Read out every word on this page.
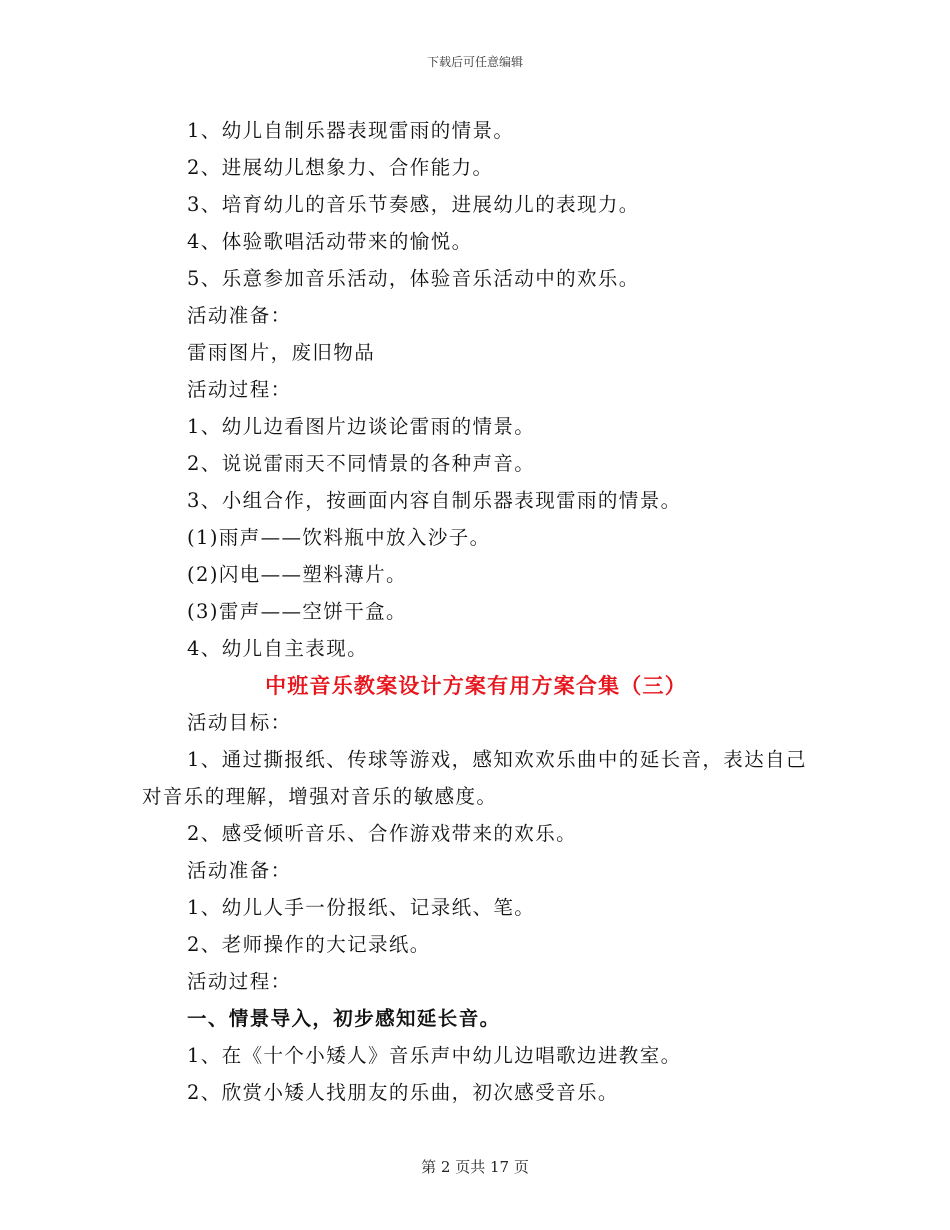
下载后可任意编辑
1、幼儿自制乐器表现雷雨的情景。
2、进展幼儿想象力、合作能力。
3、培育幼儿的音乐节奏感，进展幼儿的表现力。
4、体验歌唱活动带来的愉悦。
5、乐意参加音乐活动，体验音乐活动中的欢乐。
活动准备：
雷雨图片，废旧物品
活动过程：
1、幼儿边看图片边谈论雷雨的情景。
2、说说雷雨天不同情景的各种声音。
3、小组合作，按画面内容自制乐器表现雷雨的情景。
(1)雨声——饮料瓶中放入沙子。
(2)闪电——塑料薄片。
(3)雷声——空饼干盒。
4、幼儿自主表现。
中班音乐教案设计方案有用方案合集（三）
活动目标：
1、通过撕报纸、传球等游戏，感知欢欢乐曲中的延长音，表达自己对音乐的理解，增强对音乐的敏感度。
2、感受倾听音乐、合作游戏带来的欢乐。
活动准备：
1、幼儿人手一份报纸、记录纸、笔。
2、老师操作的大记录纸。
活动过程：
一、情景导入，初步感知延长音。
1、在《十个小矮人》音乐声中幼儿边唱歌边进教室。
2、欣赏小矮人找朋友的乐曲，初次感受音乐。
第 2 页共 17 页
